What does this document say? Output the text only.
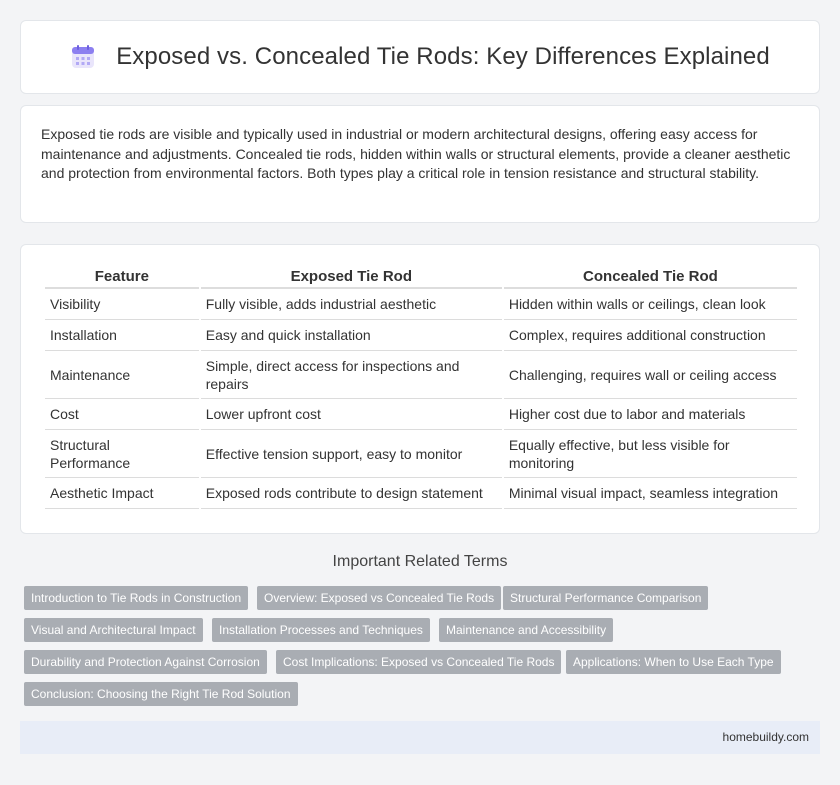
Exposed vs. Concealed Tie Rods: Key Differences Explained

Exposed tie rods are visible and typically used in industrial or modern architectural designs, offering easy access for maintenance and adjustments. Concealed tie rods, hidden within walls or structural elements, provide a cleaner aesthetic and protection from environmental factors. Both types play a critical role in tension resistance and structural stability.

Feature	Exposed Tie Rod	Concealed Tie Rod
Visibility	Fully visible, adds industrial aesthetic	Hidden within walls or ceilings, clean look
Installation	Easy and quick installation	Complex, requires additional construction
Maintenance	Simple, direct access for inspections and repairs	Challenging, requires wall or ceiling access
Cost	Lower upfront cost	Higher cost due to labor and materials
Structural Performance	Effective tension support, easy to monitor	Equally effective, but less visible for monitoring
Aesthetic Impact	Exposed rods contribute to design statement	Minimal visual impact, seamless integration
Important Related Terms
Introduction to Tie Rods in Construction	Overview: Exposed vs Concealed Tie Rods	Structural Performance Comparison
Visual and Architectural Impact	Installation Processes and Techniques	Maintenance and Accessibility
Durability and Protection Against Corrosion	Cost Implications: Exposed vs Concealed Tie Rods	Applications: When to Use Each Type
Conclusion: Choosing the Right Tie Rod Solution
homebuildy.com
